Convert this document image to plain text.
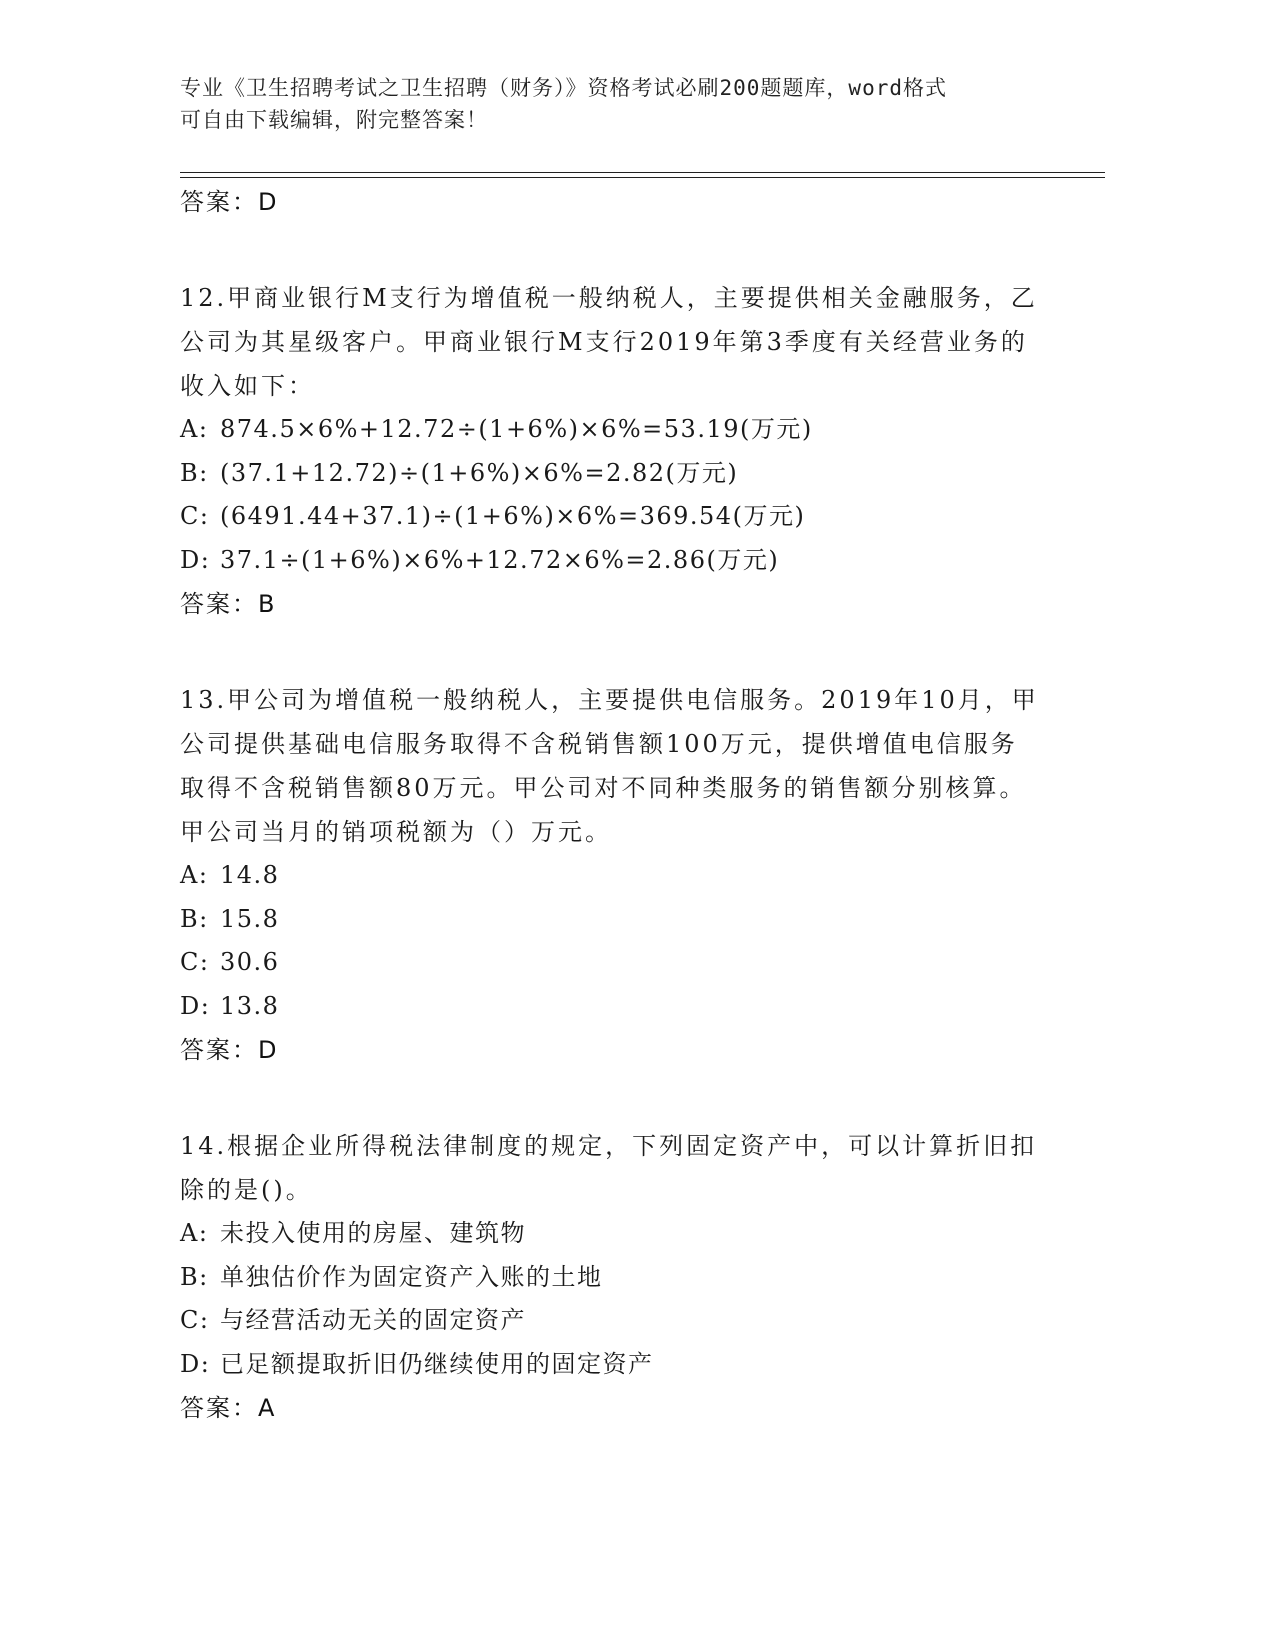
专业《卫生招聘考试之卫生招聘（财务）》资格考试必刷200题题库，word格式
可自由下载编辑，附完整答案！
答案：D

12.甲商业银行M支行为增值税一般纳税人，主要提供相关金融服务，乙公司为其星级客户。甲商业银行M支行2019年第3季度有关经营业务的收入如下：

A: 874.5×6%+12.72÷(1+6%)×6%=53.19(万元)
B: (37.1+12.72)÷(1+6%)×6%=2.82(万元)
C: (6491.44+37.1)÷(1+6%)×6%=369.54(万元)
D: 37.1÷(1+6%)×6%+12.72×6%=2.86(万元)
答案：B

13.甲公司为增值税一般纳税人，主要提供电信服务。2019年10月，甲公司提供基础电信服务取得不含税销售额100万元，提供增值电信服务取得不含税销售额80万元。甲公司对不同种类服务的销售额分别核算。甲公司当月的销项税额为（）万元。

A: 14.8
B: 15.8
C: 30.6
D: 13.8
答案：D

14.根据企业所得税法律制度的规定，下列固定资产中，可以计算折旧扣除的是()。

A: 未投入使用的房屋、建筑物
B: 单独估价作为固定资产入账的土地
C: 与经营活动无关的固定资产
D: 已足额提取折旧仍继续使用的固定资产
答案：A
